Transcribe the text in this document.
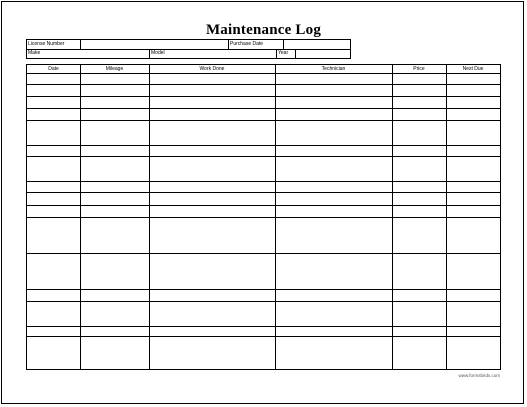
Maintenance Log
License Number	Purchase Date
Make	Model	Year
Date	Mileage	Work Done	Technician	Price	Next Due
www.formsbirds.com
